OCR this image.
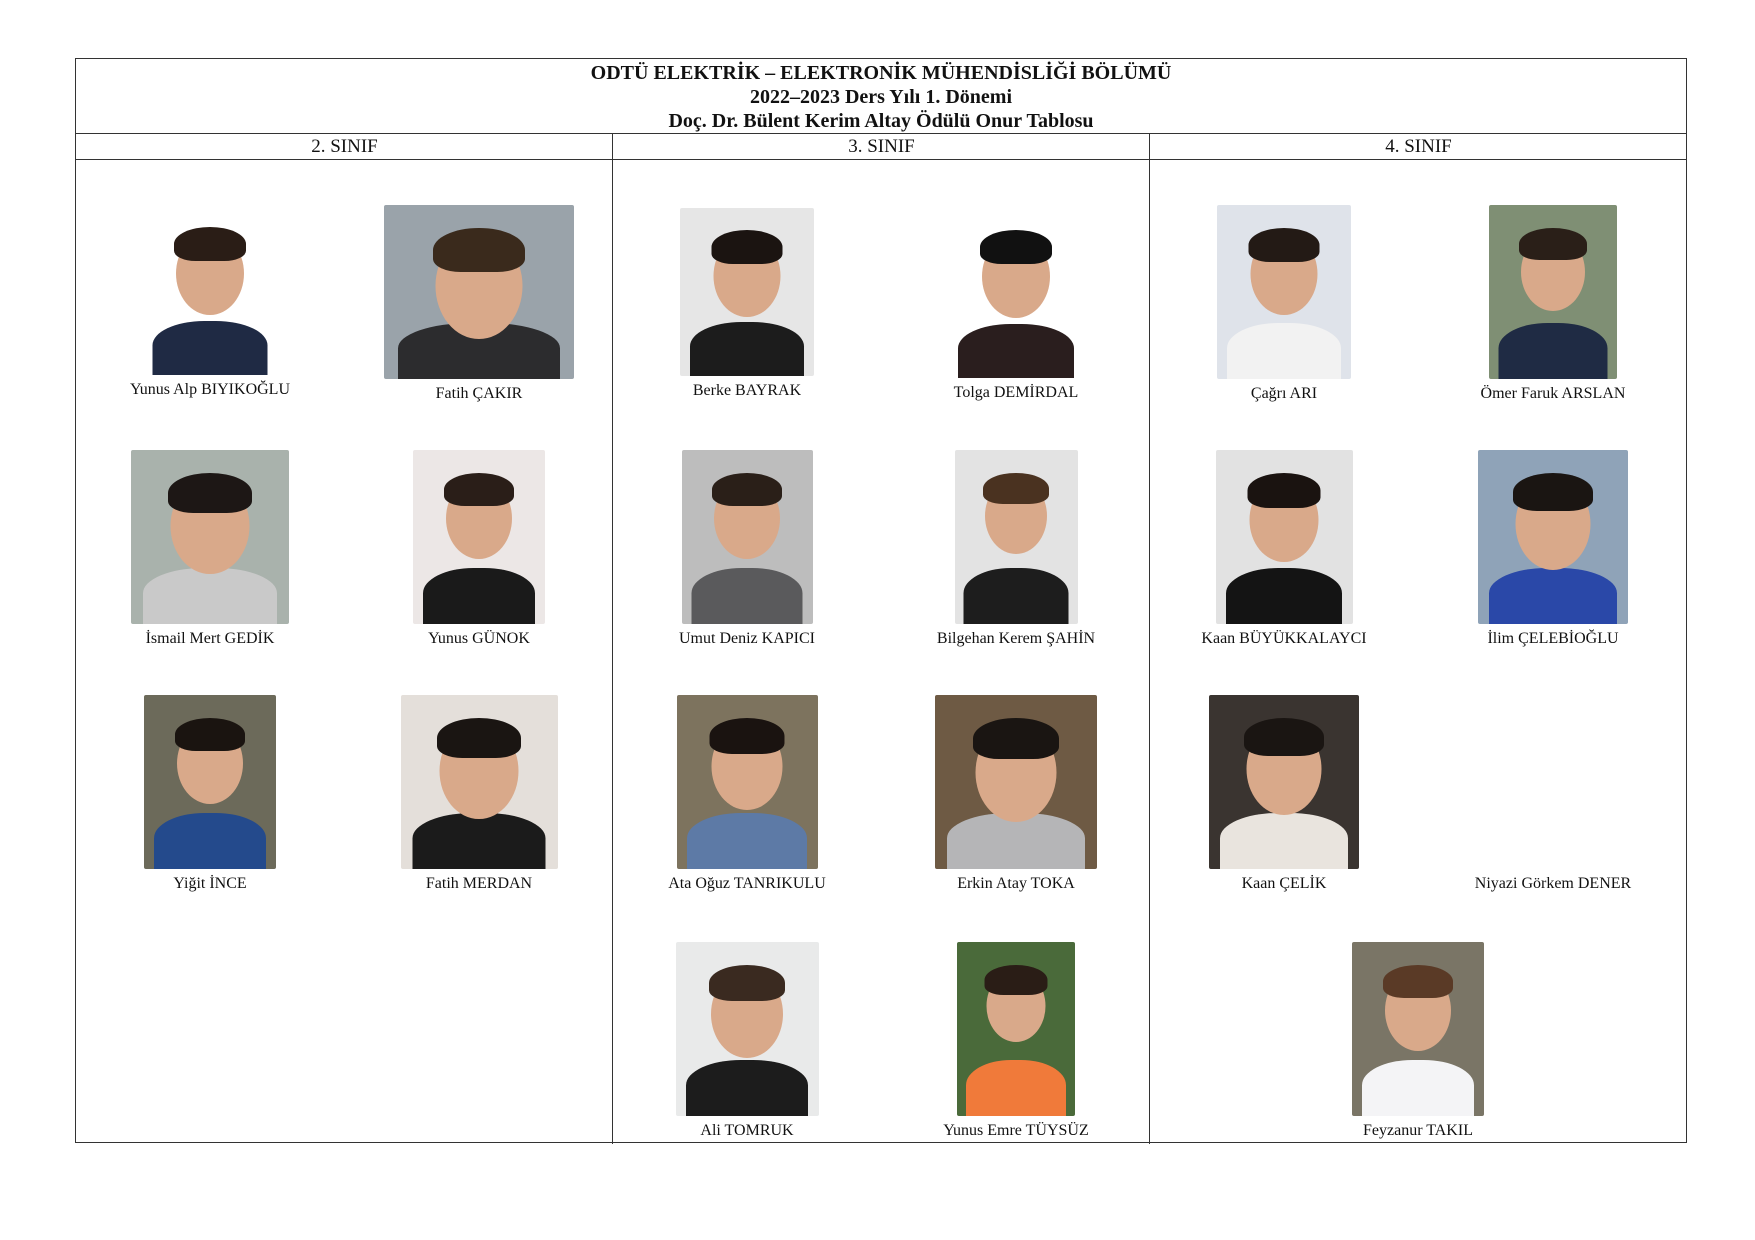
ODTÜ ELEKTRİK – ELEKTRONİK MÜHENDİSLİĞİ BÖLÜMÜ
2022–2023 Ders Yılı 1. Dönemi
Doç. Dr. Bülent Kerim Altay Ödülü Onur Tablosu
2. SINIF	3. SINIF	4. SINIF
Yunus Alp BIYIKOĞLU	Fatih ÇAKIR
İsmail Mert GEDİK	Yunus GÜNOK
Yiğit İNCE	Fatih MERDAN
Berke BAYRAK	Tolga DEMİRDAL
Umut Deniz KAPICI	Bilgehan Kerem ŞAHİN
Ata Oğuz TANRIKULU	Erkin Atay TOKA
Ali TOMRUK	Yunus Emre TÜYSÜZ
Çağrı ARI	Ömer Faruk ARSLAN
Kaan BÜYÜKKALAYCI	İlim ÇELEBİOĞLU
Kaan ÇELİK	Niyazi Görkem DENER
Feyzanur TAKIL
